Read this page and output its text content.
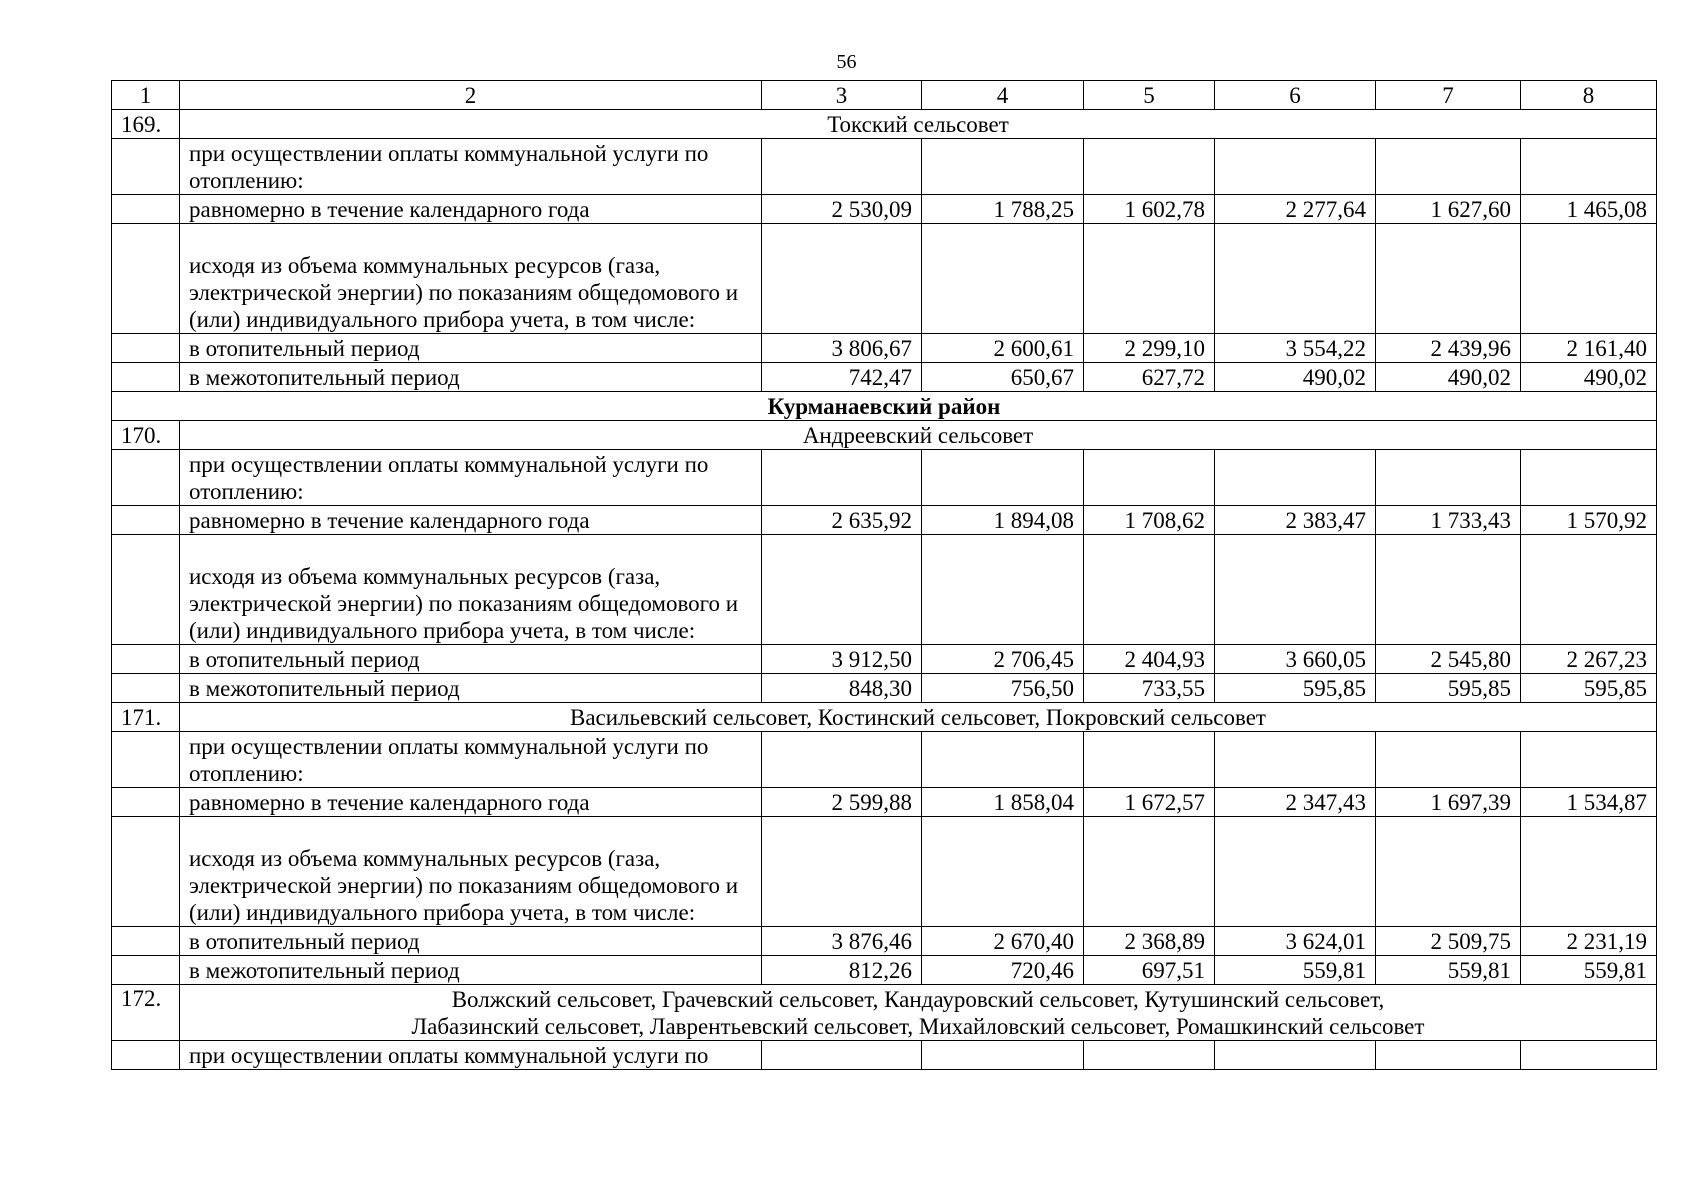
56
1	2	3	4	5	6	7	8
169.	Токский сельсовет						
	при осуществлении оплаты коммунальной услуги по отоплению:						
	равномерно в течение календарного года	2 530,09	1 788,25	1 602,78	2 277,64	1 627,60	1 465,08
	исходя из объема коммунальных ресурсов (газа, электрической энергии) по показаниям общедомового и (или) индивидуального прибора учета, в том числе:						
	в отопительный период	3 806,67	2 600,61	2 299,10	3 554,22	2 439,96	2 161,40
	в межотопительный период	742,47	650,67	627,72	490,02	490,02	490,02
Курманаевский район							
170.	Андреевский сельсовет						
	при осуществлении оплаты коммунальной услуги по отоплению:						
	равномерно в течение календарного года	2 635,92	1 894,08	1 708,62	2 383,47	1 733,43	1 570,92
	исходя из объема коммунальных ресурсов (газа, электрической энергии) по показаниям общедомового и (или) индивидуального прибора учета, в том числе:						
	в отопительный период	3 912,50	2 706,45	2 404,93	3 660,05	2 545,80	2 267,23
	в межотопительный период	848,30	756,50	733,55	595,85	595,85	595,85
171.	Васильевский сельсовет, Костинский сельсовет, Покровский сельсовет						
	при осуществлении оплаты коммунальной услуги по отоплению:						
	равномерно в течение календарного года	2 599,88	1 858,04	1 672,57	2 347,43	1 697,39	1 534,87
	исходя из объема коммунальных ресурсов (газа, электрической энергии) по показаниям общедомового и (или) индивидуального прибора учета, в том числе:						
	в отопительный период	3 876,46	2 670,40	2 368,89	3 624,01	2 509,75	2 231,19
	в межотопительный период	812,26	720,46	697,51	559,81	559,81	559,81
172.	Волжский сельсовет, Грачевский сельсовет, Кандауровский сельсовет, Кутушинский сельсовет,
Лабазинский сельсовет, Лаврентьевский сельсовет, Михайловский сельсовет, Ромашкинский сельсовет						

	при осуществлении оплаты коммунальной услуги по						
